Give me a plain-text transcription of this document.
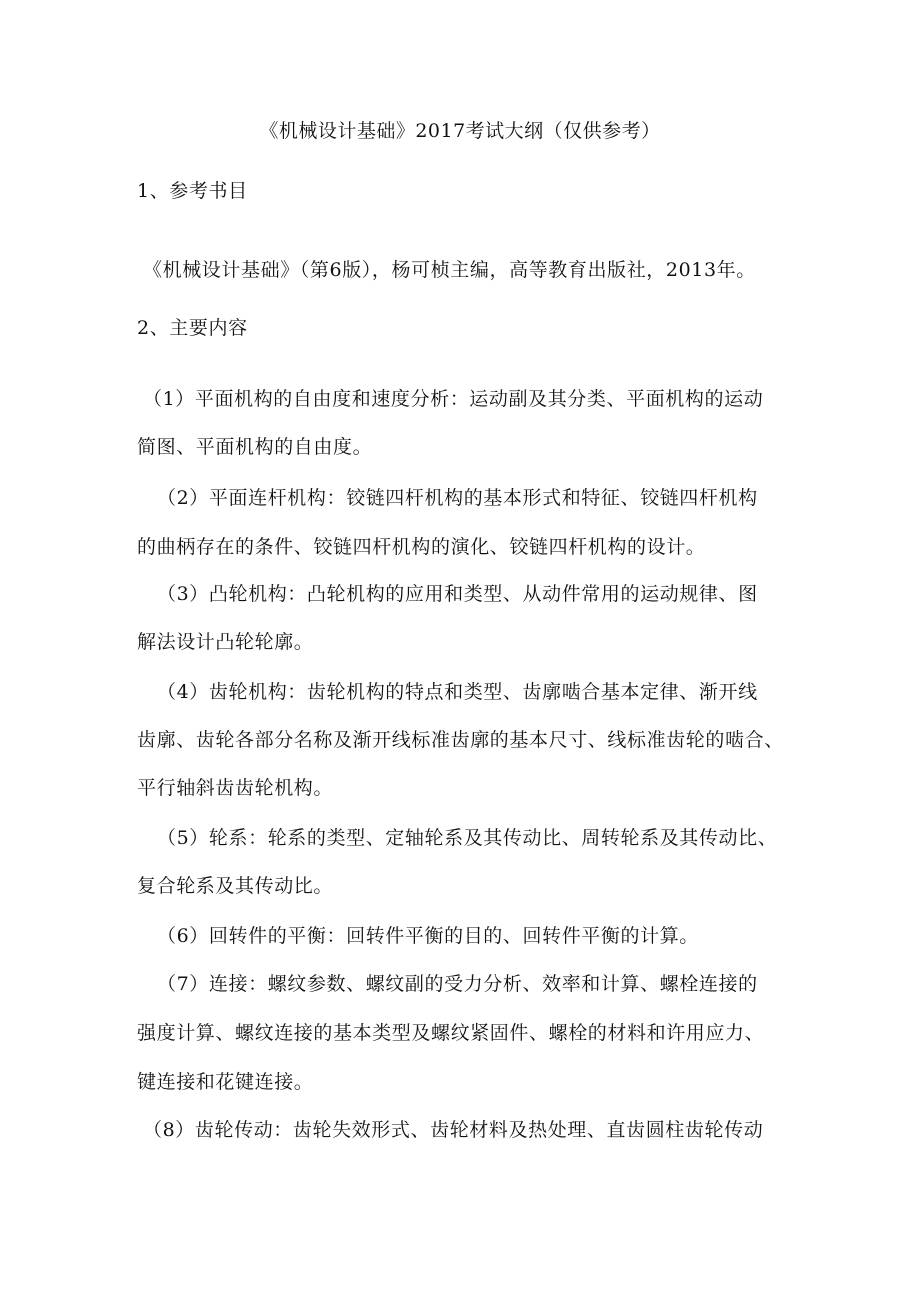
《机械设计基础》2017考试大纲（仅供参考）
1、参考书目
《机械设计基础》（第6版），杨可桢主编，高等教育出版社，2013年。
2、主要内容
（1）平面机构的自由度和速度分析：运动副及其分类、平面机构的运动
简图、平面机构的自由度。
（2）平面连杆机构：铰链四杆机构的基本形式和特征、铰链四杆机构
的曲柄存在的条件、铰链四杆机构的演化、铰链四杆机构的设计。
（3）凸轮机构：凸轮机构的应用和类型、从动件常用的运动规律、图
解法设计凸轮轮廓。
（4）齿轮机构：齿轮机构的特点和类型、齿廓啮合基本定律、渐开线
齿廓、齿轮各部分名称及渐开线标准齿廓的基本尺寸、线标准齿轮的啮合、
平行轴斜齿齿轮机构。
（5）轮系：轮系的类型、定轴轮系及其传动比、周转轮系及其传动比、
复合轮系及其传动比。
（6）回转件的平衡：回转件平衡的目的、回转件平衡的计算。
（7）连接：螺纹参数、螺纹副的受力分析、效率和计算、螺栓连接的
强度计算、螺纹连接的基本类型及螺纹紧固件、螺栓的材料和许用应力、
键连接和花键连接。
（8）齿轮传动：齿轮失效形式、齿轮材料及热处理、直齿圆柱齿轮传动
